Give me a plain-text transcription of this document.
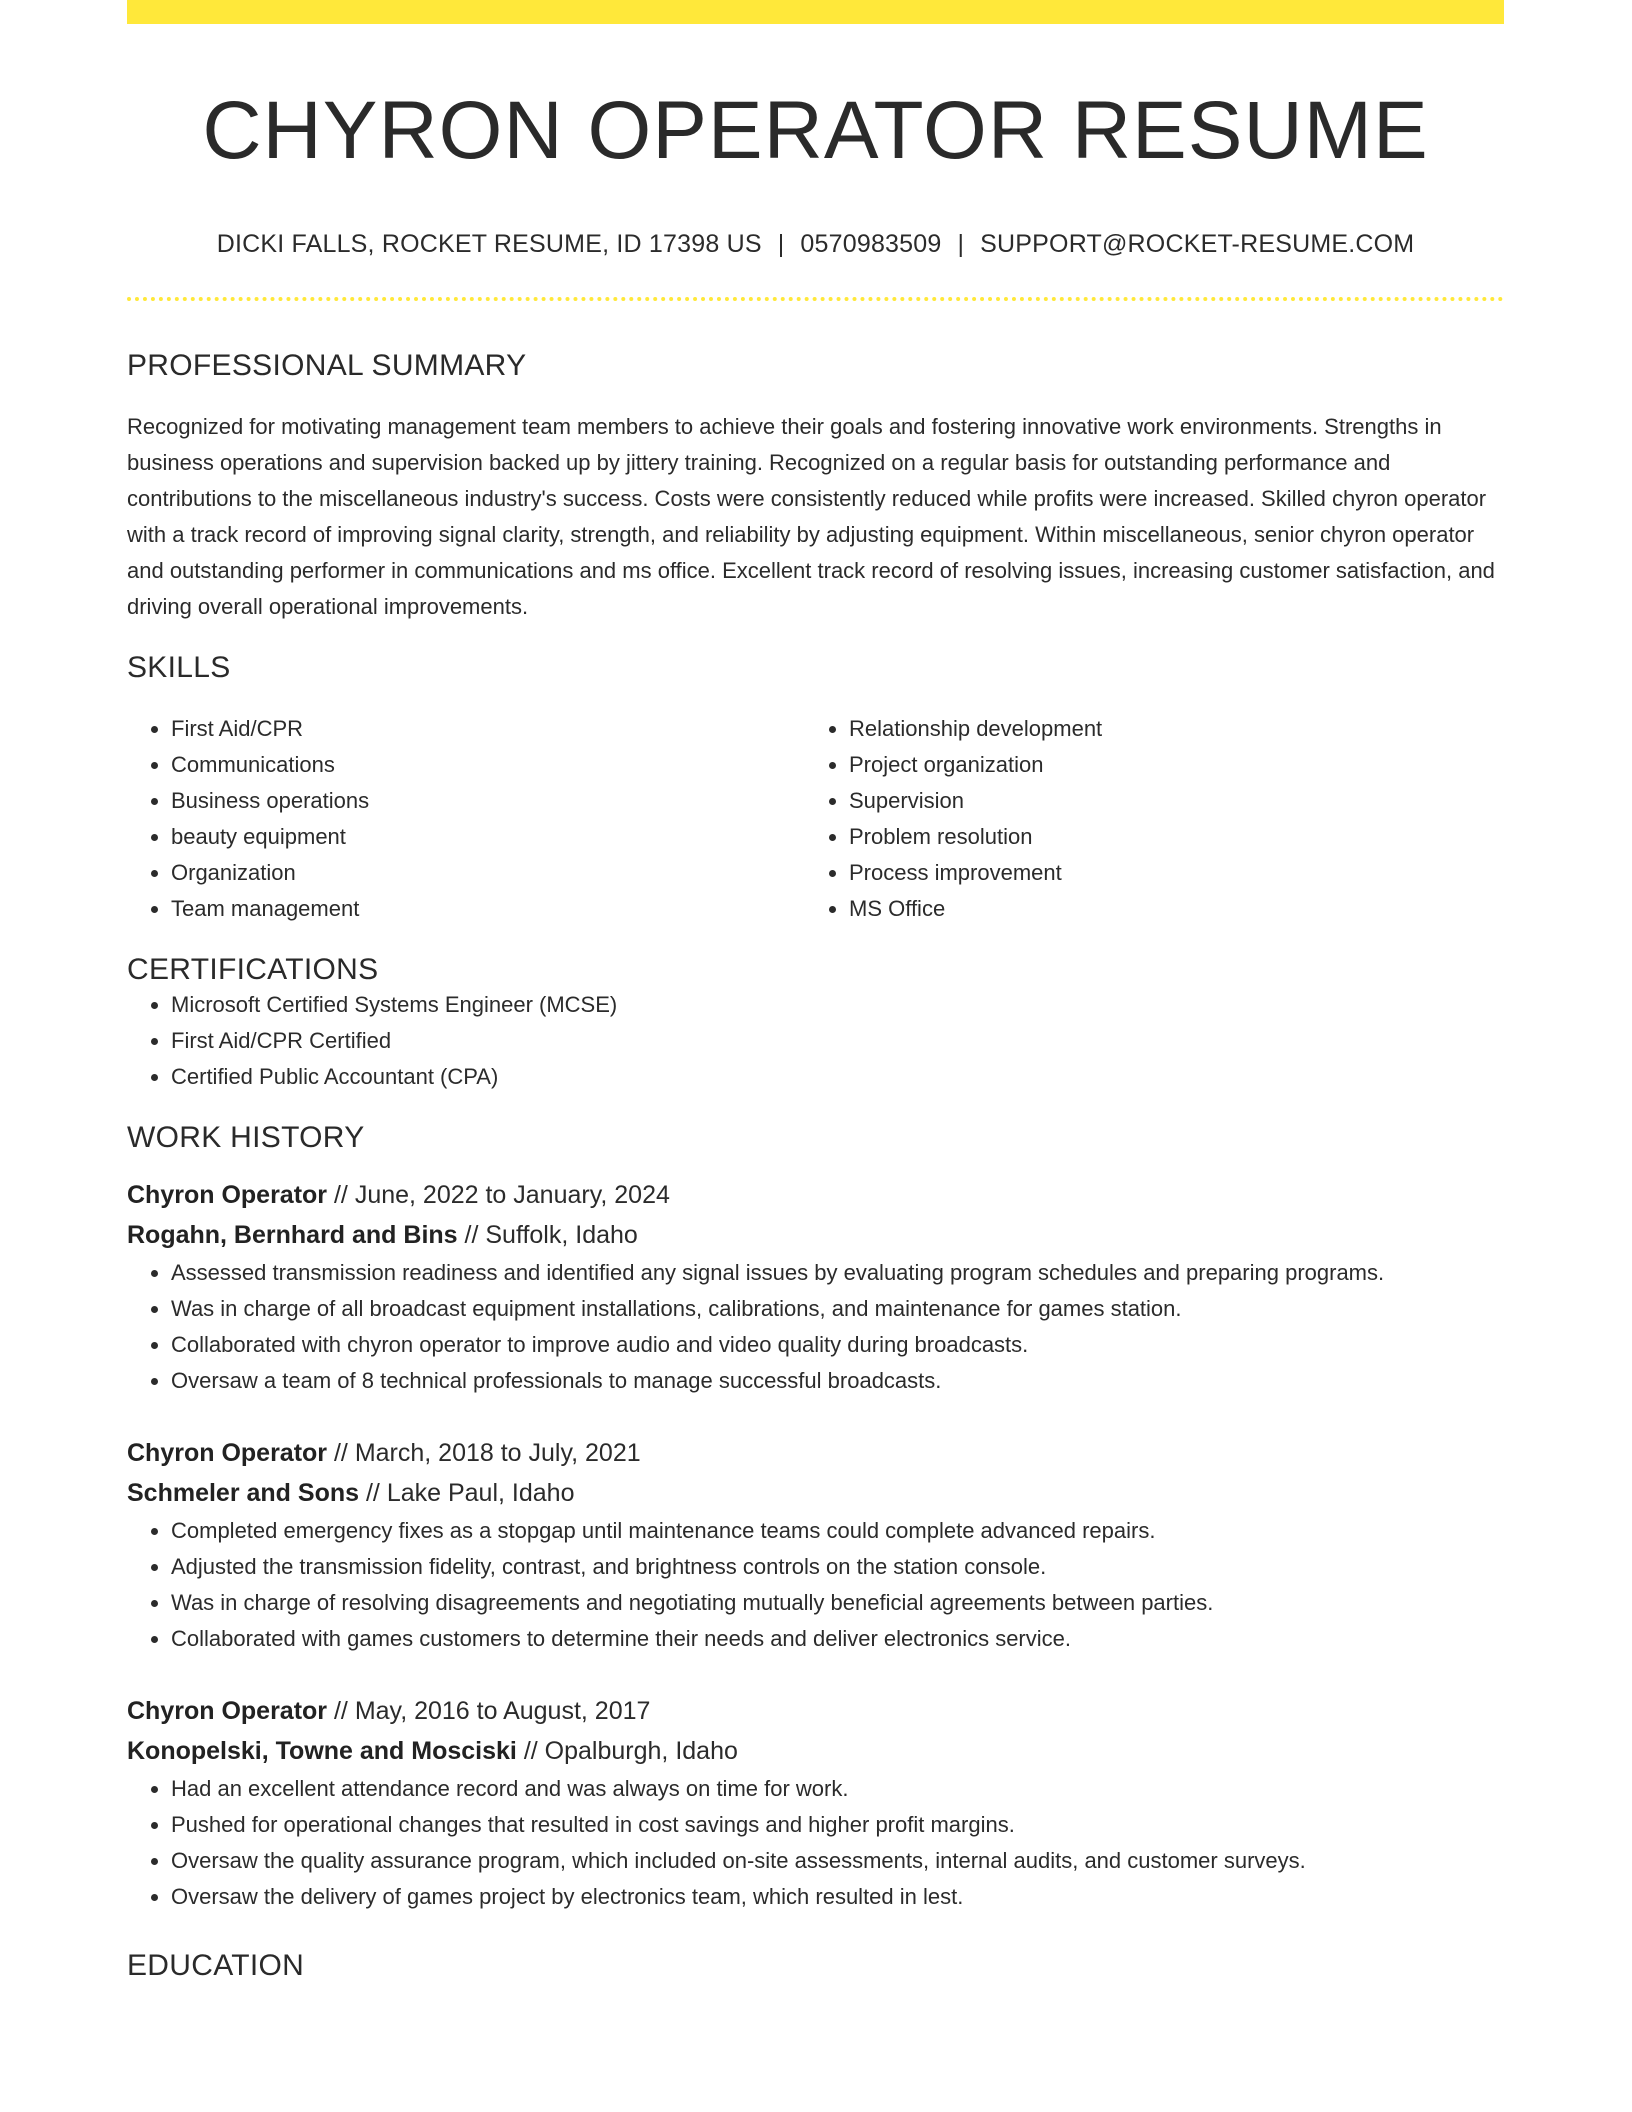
CHYRON OPERATOR RESUME
DICKI FALLS, ROCKET RESUME, ID 17398 US | 0570983509 | SUPPORT@ROCKET-RESUME.COM
PROFESSIONAL SUMMARY

Recognized for motivating management team members to achieve their goals and fostering innovative work environments. Strengths in business operations and supervision backed up by jittery training. Recognized on a regular basis for outstanding performance and contributions to the miscellaneous industry's success. Costs were consistently reduced while profits were increased. Skilled chyron operator with a track record of improving signal clarity, strength, and reliability by adjusting equipment. Within miscellaneous, senior chyron operator and outstanding performer in communications and ms office. Excellent track record of resolving issues, increasing customer satisfaction, and driving overall operational improvements.

SKILLS
• First Aid/CPR
• Communications
• Business operations
• beauty equipment
• Organization
• Team management
• Relationship development
• Project organization
• Supervision
• Problem resolution
• Process improvement
• MS Office
CERTIFICATIONS
• Microsoft Certified Systems Engineer (MCSE)
• First Aid/CPR Certified
• Certified Public Accountant (CPA)
WORK HISTORY
Chyron Operator // June, 2022 to January, 2024
Rogahn, Bernhard and Bins // Suffolk, Idaho
• Assessed transmission readiness and identified any signal issues by evaluating program schedules and preparing programs.
• Was in charge of all broadcast equipment installations, calibrations, and maintenance for games station.
• Collaborated with chyron operator to improve audio and video quality during broadcasts.
• Oversaw a team of 8 technical professionals to manage successful broadcasts.
Chyron Operator // March, 2018 to July, 2021
Schmeler and Sons // Lake Paul, Idaho
• Completed emergency fixes as a stopgap until maintenance teams could complete advanced repairs.
• Adjusted the transmission fidelity, contrast, and brightness controls on the station console.
• Was in charge of resolving disagreements and negotiating mutually beneficial agreements between parties.
• Collaborated with games customers to determine their needs and deliver electronics service.
Chyron Operator // May, 2016 to August, 2017
Konopelski, Towne and Mosciski // Opalburgh, Idaho
• Had an excellent attendance record and was always on time for work.
• Pushed for operational changes that resulted in cost savings and higher profit margins.
• Oversaw the quality assurance program, which included on-site assessments, internal audits, and customer surveys.
• Oversaw the delivery of games project by electronics team, which resulted in lest.
EDUCATION
